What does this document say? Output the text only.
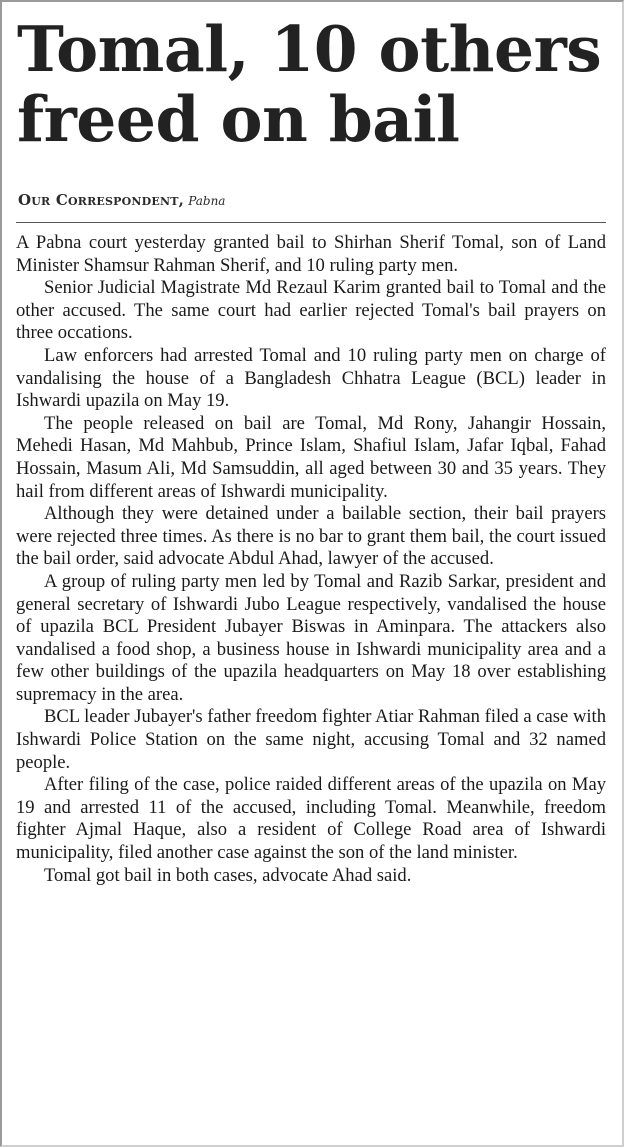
Tomal, 10 others freed on bail
Our Correspondent, Pabna

A Pabna court yesterday granted bail to Shirhan Sherif Tomal, son of Land Minister Shamsur Rahman Sherif, and 10 ruling party men.

Senior Judicial Magistrate Md Rezaul Karim granted bail to Tomal and the other accused. The same court had earlier rejected Tomal's bail prayers on three occations.

Law enforcers had arrested Tomal and 10 ruling party men on charge of vandalising the house of a Bangladesh Chhatra League (BCL) leader in Ishwardi upazila on May 19.

The people released on bail are Tomal, Md Rony, Jahangir Hossain, Mehedi Hasan, Md Mahbub, Prince Islam, Shafiul Islam, Jafar Iqbal, Fahad Hossain, Masum Ali, Md Samsuddin, all aged between 30 and 35 years. They hail from different areas of Ishwardi municipality.

Although they were detained under a bailable section, their bail prayers were rejected three times. As there is no bar to grant them bail, the court issued the bail order, said advocate Abdul Ahad, lawyer of the accused.

A group of ruling party men led by Tomal and Razib Sarkar, president and general secretary of Ishwardi Jubo League respectively, vandalised the house of upazila BCL President Jubayer Biswas in Aminpara. The attackers also vandalised a food shop, a business house in Ishwardi municipality area and a few other buildings of the upazila headquarters on May 18 over establishing supremacy in the area.

BCL leader Jubayer's father freedom fighter Atiar Rahman filed a case with Ishwardi Police Station on the same night, accusing Tomal and 32 named people.

After filing of the case, police raided different areas of the upazila on May 19 and arrested 11 of the accused, including Tomal. Meanwhile, freedom fighter Ajmal Haque, also a resident of College Road area of Ishwardi municipality, filed another case against the son of the land minister.

Tomal got bail in both cases, advocate Ahad said.
